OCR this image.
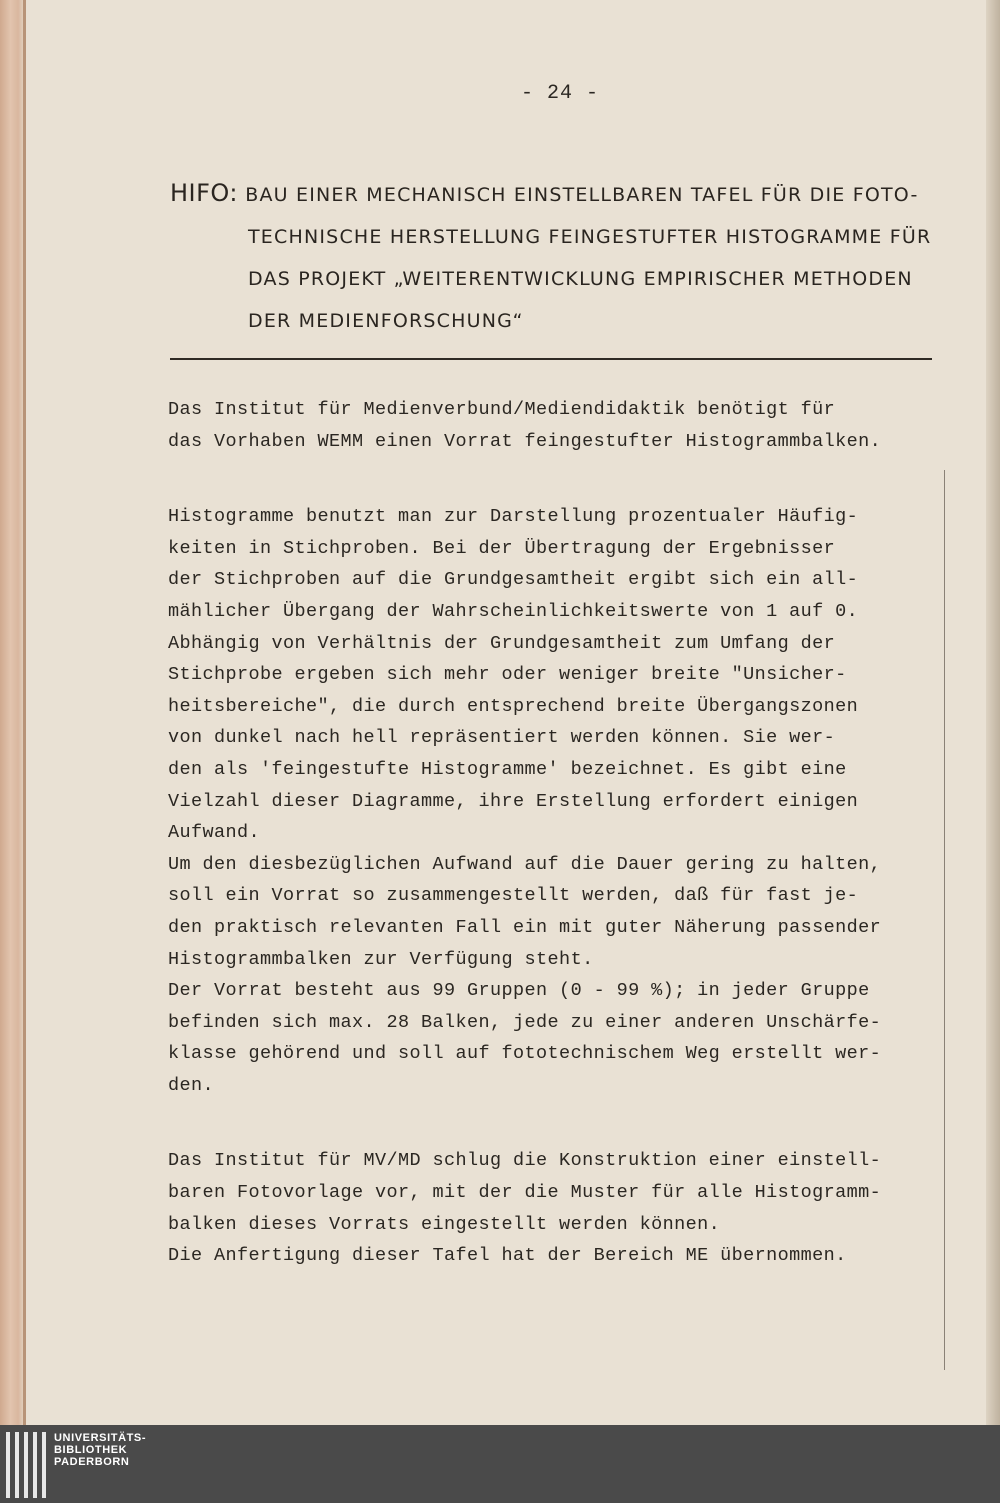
- 24 -
HIFO: BAU EINER MECHANISCH EINSTELLBAREN TAFEL FÜR DIE FOTO-
TECHNISCHE HERSTELLUNG FEINGESTUFTER HISTOGRAMME FÜR
DAS PROJEKT „WEITERENTWICKLUNG EMPIRISCHER METHODEN
DER MEDIENFORSCHUNG“
Das Institut für Medienverbund/Mediendidaktik benötigt für
das Vorhaben WEMM einen Vorrat feingestufter Histogrammbalken.
Histogramme benutzt man zur Darstellung prozentualer Häufig-
keiten in Stichproben. Bei der Übertragung der Ergebnisser
der Stichproben auf die Grundgesamtheit ergibt sich ein all-
mählicher Übergang der Wahrscheinlichkeitswerte von 1 auf 0.
Abhängig von Verhältnis der Grundgesamtheit zum Umfang der
Stichprobe ergeben sich mehr oder weniger breite "Unsicher-
heitsbereiche", die durch entsprechend breite Übergangszonen
von dunkel nach hell repräsentiert werden können. Sie wer-
den als 'feingestufte Histogramme' bezeichnet. Es gibt eine
Vielzahl dieser Diagramme, ihre Erstellung erfordert einigen
Aufwand.
Um den diesbezüglichen Aufwand auf die Dauer gering zu halten,
soll ein Vorrat so zusammengestellt werden, daß für fast je-
den praktisch relevanten Fall ein mit guter Näherung passender
Histogrammbalken zur Verfügung steht.
Der Vorrat besteht aus 99 Gruppen (0 - 99 %); in jeder Gruppe
befinden sich max. 28 Balken, jede zu einer anderen Unschärfe-
klasse gehörend und soll auf fototechnischem Weg erstellt wer-
den.
Das Institut für MV/MD schlug die Konstruktion einer einstell-
baren Fotovorlage vor, mit der die Muster für alle Histogramm-
balken dieses Vorrats eingestellt werden können.
Die Anfertigung dieser Tafel hat der Bereich ME übernommen.
UNIVERSITÄTS-
BIBLIOTHEK
PADERBORN
